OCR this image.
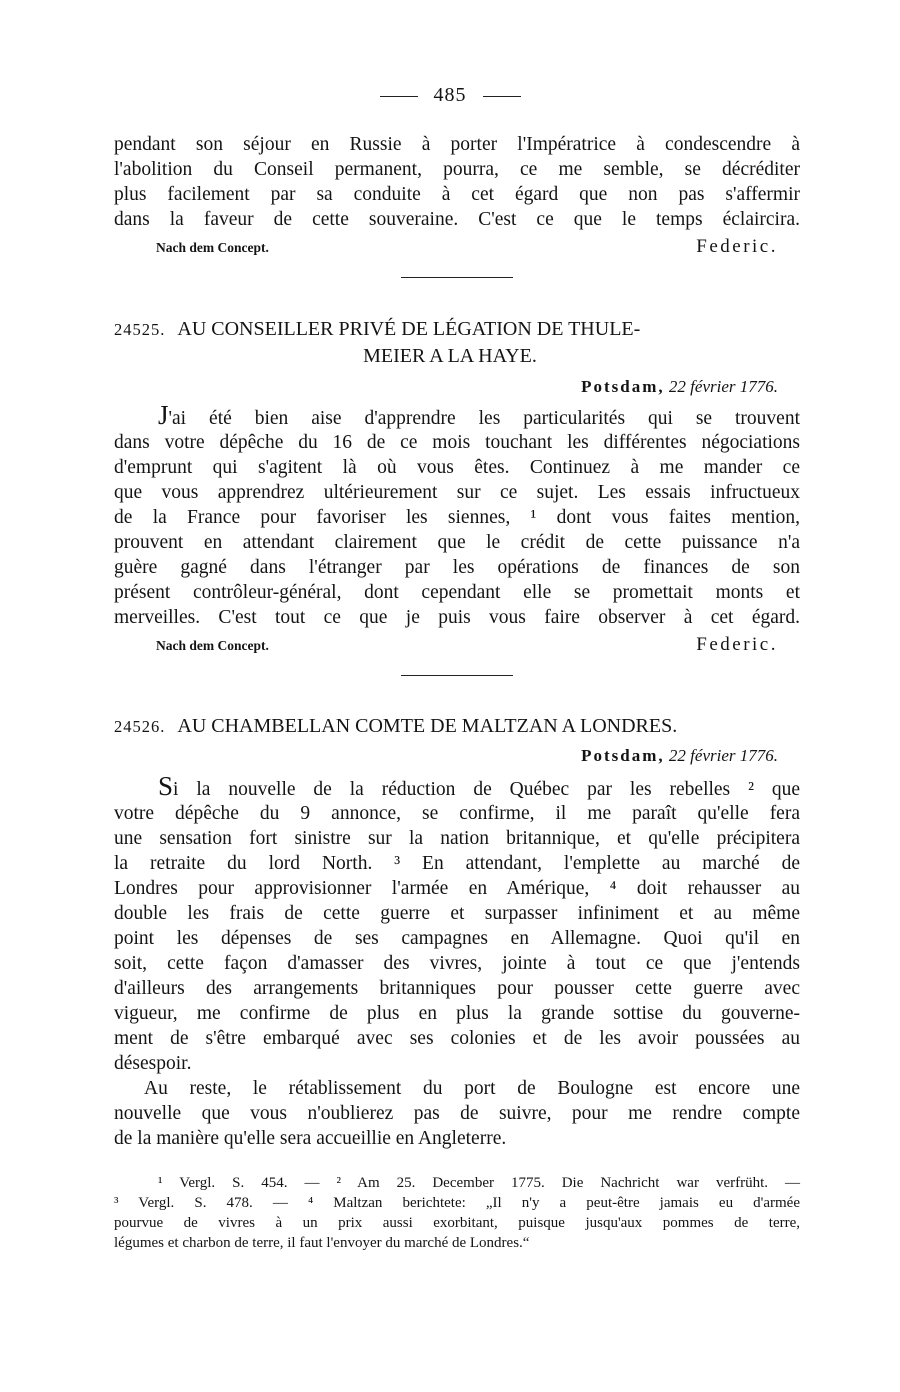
485
pendant son séjour en Russie à porter l'Impératrice à condescendre à
l'abolition du Conseil permanent, pourra, ce me semble, se décréditer
plus facilement par sa conduite à cet égard que non pas s'affermir
dans la faveur de cette souveraine. C'est ce que le temps éclaircira.
Nach dem Concept.	Federic.
24525. AU CONSEILLER PRIVÉ DE LÉGATION DE THULE-
MEIER A LA HAYE.
Potsdam, 22 février 1776.
J'ai été bien aise d'apprendre les particularités qui se trouvent
dans votre dépêche du 16 de ce mois touchant les différentes négociations
d'emprunt qui s'agitent là où vous êtes. Continuez à me mander ce
que vous apprendrez ultérieurement sur ce sujet. Les essais infructueux
de la France pour favoriser les siennes, ¹ dont vous faites mention,
prouvent en attendant clairement que le crédit de cette puissance n'a
guère gagné dans l'étranger par les opérations de finances de son
présent contrôleur-général, dont cependant elle se promettait monts et
merveilles. C'est tout ce que je puis vous faire observer à cet égard.
Nach dem Concept.	Federic.
24526. AU CHAMBELLAN COMTE DE MALTZAN A LONDRES.
Potsdam, 22 février 1776.
Si la nouvelle de la réduction de Québec par les rebelles ² que
votre dépêche du 9 annonce, se confirme, il me paraît qu'elle fera
une sensation fort sinistre sur la nation britannique, et qu'elle précipitera
la retraite du lord North. ³ En attendant, l'emplette au marché de
Londres pour approvisionner l'armée en Amérique, ⁴ doit rehausser au
double les frais de cette guerre et surpasser infiniment et au même
point les dépenses de ses campagnes en Allemagne. Quoi qu'il en
soit, cette façon d'amasser des vivres, jointe à tout ce que j'entends
d'ailleurs des arrangements britanniques pour pousser cette guerre avec
vigueur, me confirme de plus en plus la grande sottise du gouverne-
ment de s'être embarqué avec ses colonies et de les avoir poussées au
désespoir.
Au reste, le rétablissement du port de Boulogne est encore une
nouvelle que vous n'oublierez pas de suivre, pour me rendre compte
de la manière qu'elle sera accueillie en Angleterre.
¹ Vergl. S. 454. — ² Am 25. December 1775. Die Nachricht war verfrüht. —
³ Vergl. S. 478. — ⁴ Maltzan berichtete: „Il n'y a peut-être jamais eu d'armée
pourvue de vivres à un prix aussi exorbitant, puisque jusqu'aux pommes de terre,
légumes et charbon de terre, il faut l'envoyer du marché de Londres.“
